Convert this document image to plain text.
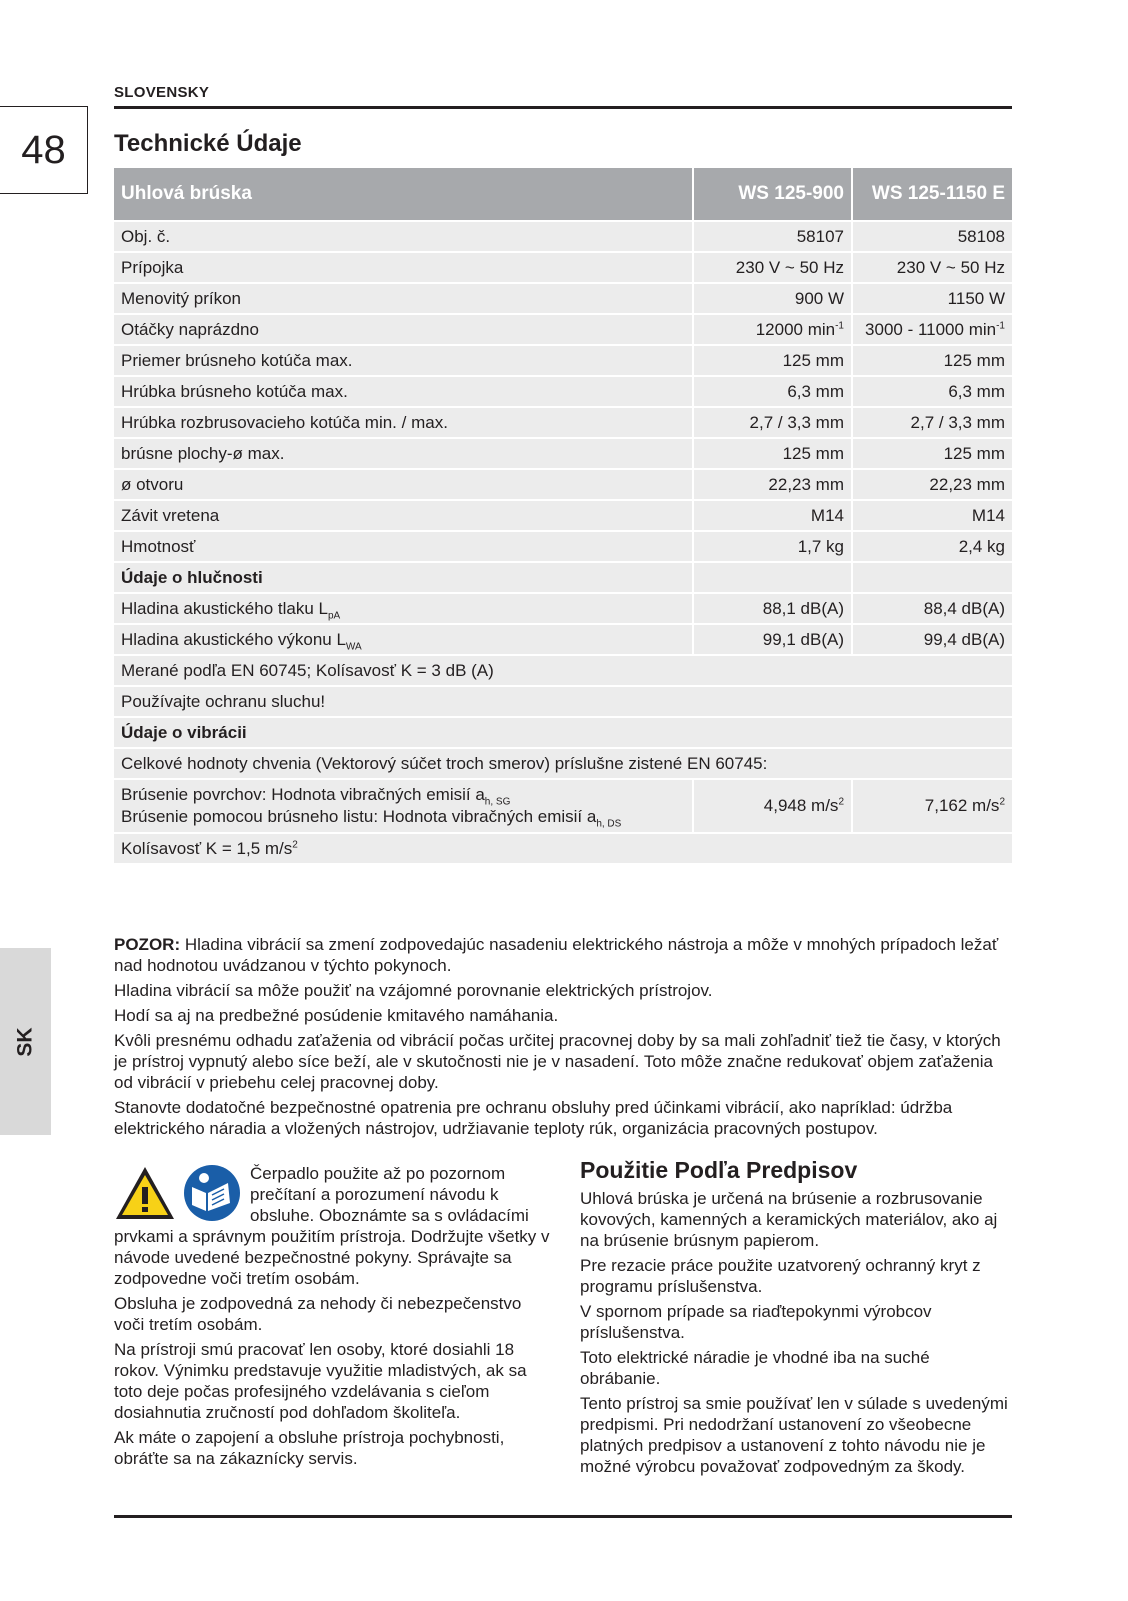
SLOVENSKY
48
SK
Technické Údaje
Uhlová brúska	WS 125-900	WS 125-1150 E
Obj. č.	58107	58108
Prípojka	230 V ~ 50 Hz	230 V ~ 50 Hz
Menovitý príkon	900 W	1150 W
Otáčky naprázdno	12000 $\min^{-1}$	3000 - 11000 $\min^{-1}$
Priemer brúsneho kotúča max.	125 mm	125 mm
Hrúbka brúsneho kotúča max.	6,3 mm	6,3 mm
Hrúbka rozbrusovacieho kotúča min. / max.	2,7 / 3,3 mm	2,7 / 3,3 mm
brúsne plochy-ø max.	125 mm	125 mm
ø otvoru	22,23 mm	22,23 mm
Závit vretena	M14	M14
Hmotnosť	1,7 kg	2,4 kg
Údaje o hlučnosti		
Hladina akustického tlaku $L_{pA}$	88,1 dB(A)	88,4 dB(A)
Hladina akustického výkonu $L_{WA}$	99,1 dB(A)	99,4 dB(A)
Merané podľa EN 60745; Kolísavosť K = 3 dB (A)		
Používajte ochranu sluchu!		
Údaje o vibrácii		
Celkové hodnoty chvenia (Vektorový súčet troch smerov) príslušne zistené EN 60745:		
Brúsenie povrchov: Hodnota vibračných emisií $a_{h, SG}$
Brúsenie pomocou brúsneho listu: Hodnota vibračných emisií $a_{h, DS}$	4,948 $m/s^2$	7,162 $m/s^2$
Kolísavosť K = 1,5 $m/s^2$

POZOR: Hladina vibrácií sa zmení zodpovedajúc nasadeniu elektrického nástroja a môže v mnohých prípadoch ležať nad hodnotou uvádzanou v týchto pokynoch.

Hladina vibrácií sa môže použiť na vzájomné porovnanie elektrických prístrojov.

Hodí sa aj na predbežné posúdenie kmitavého namáhania.

Kvôli presnému odhadu zaťaženia od vibrácií počas určitej pracovnej doby by sa mali zohľadniť tiež tie časy, v ktorých je prístroj vypnutý alebo síce beží, ale v skutočnosti nie je v nasadení. Toto môže značne redukovať objem zaťaženia od vibrácií v priebehu celej pracovnej doby.

Stanovte dodatočné bezpečnostné opatrenia pre ochranu obsluhy pred účinkami vibrácií, ako napríklad: údržba elektrického náradia a vložených nástrojov, udržiavanie teploty rúk, organizácia pracovných postupov.

Čerpadlo použite až po pozornom prečítaní a porozumení návodu k obsluhe. Oboznámte sa s ovládacími prvkami a správnym použitím prístroja. Dodržujte všetky v návode uvedené bezpečnostné pokyny. Správajte sa zodpovedne voči tretím osobám.

Obsluha je zodpovedná za nehody či nebezpečenstvo voči tretím osobám.

Na prístroji smú pracovať len osoby, ktoré dosiahli 18 rokov. Výnimku predstavuje využitie mladistvých, ak sa toto deje počas profesijného vzdelávania s cieľom dosiahnutia zručností pod dohľadom školiteľa.

Ak máte o zapojení a obsluhe prístroja pochybnosti, obráťte sa na zákaznícky servis.

Použitie Podľa Predpisov

Uhlová brúska je určená na brúsenie a rozbrusovanie kovových, kamenných a keramických materiálov, ako aj na brúsenie brúsnym papierom.

Pre rezacie práce použite uzatvorený ochranný kryt z programu príslušenstva.

V spornom prípade sa riaďtepokynmi výrobcov príslušenstva.

Toto elektrické náradie je vhodné iba na suché obrábanie.

Tento prístroj sa smie používať len v súlade s uvedenými predpismi. Pri nedodržaní ustanovení zo všeobecne platných predpisov a ustanovení z tohto návodu nie je možné výrobcu považovať zodpovedným za škody.
